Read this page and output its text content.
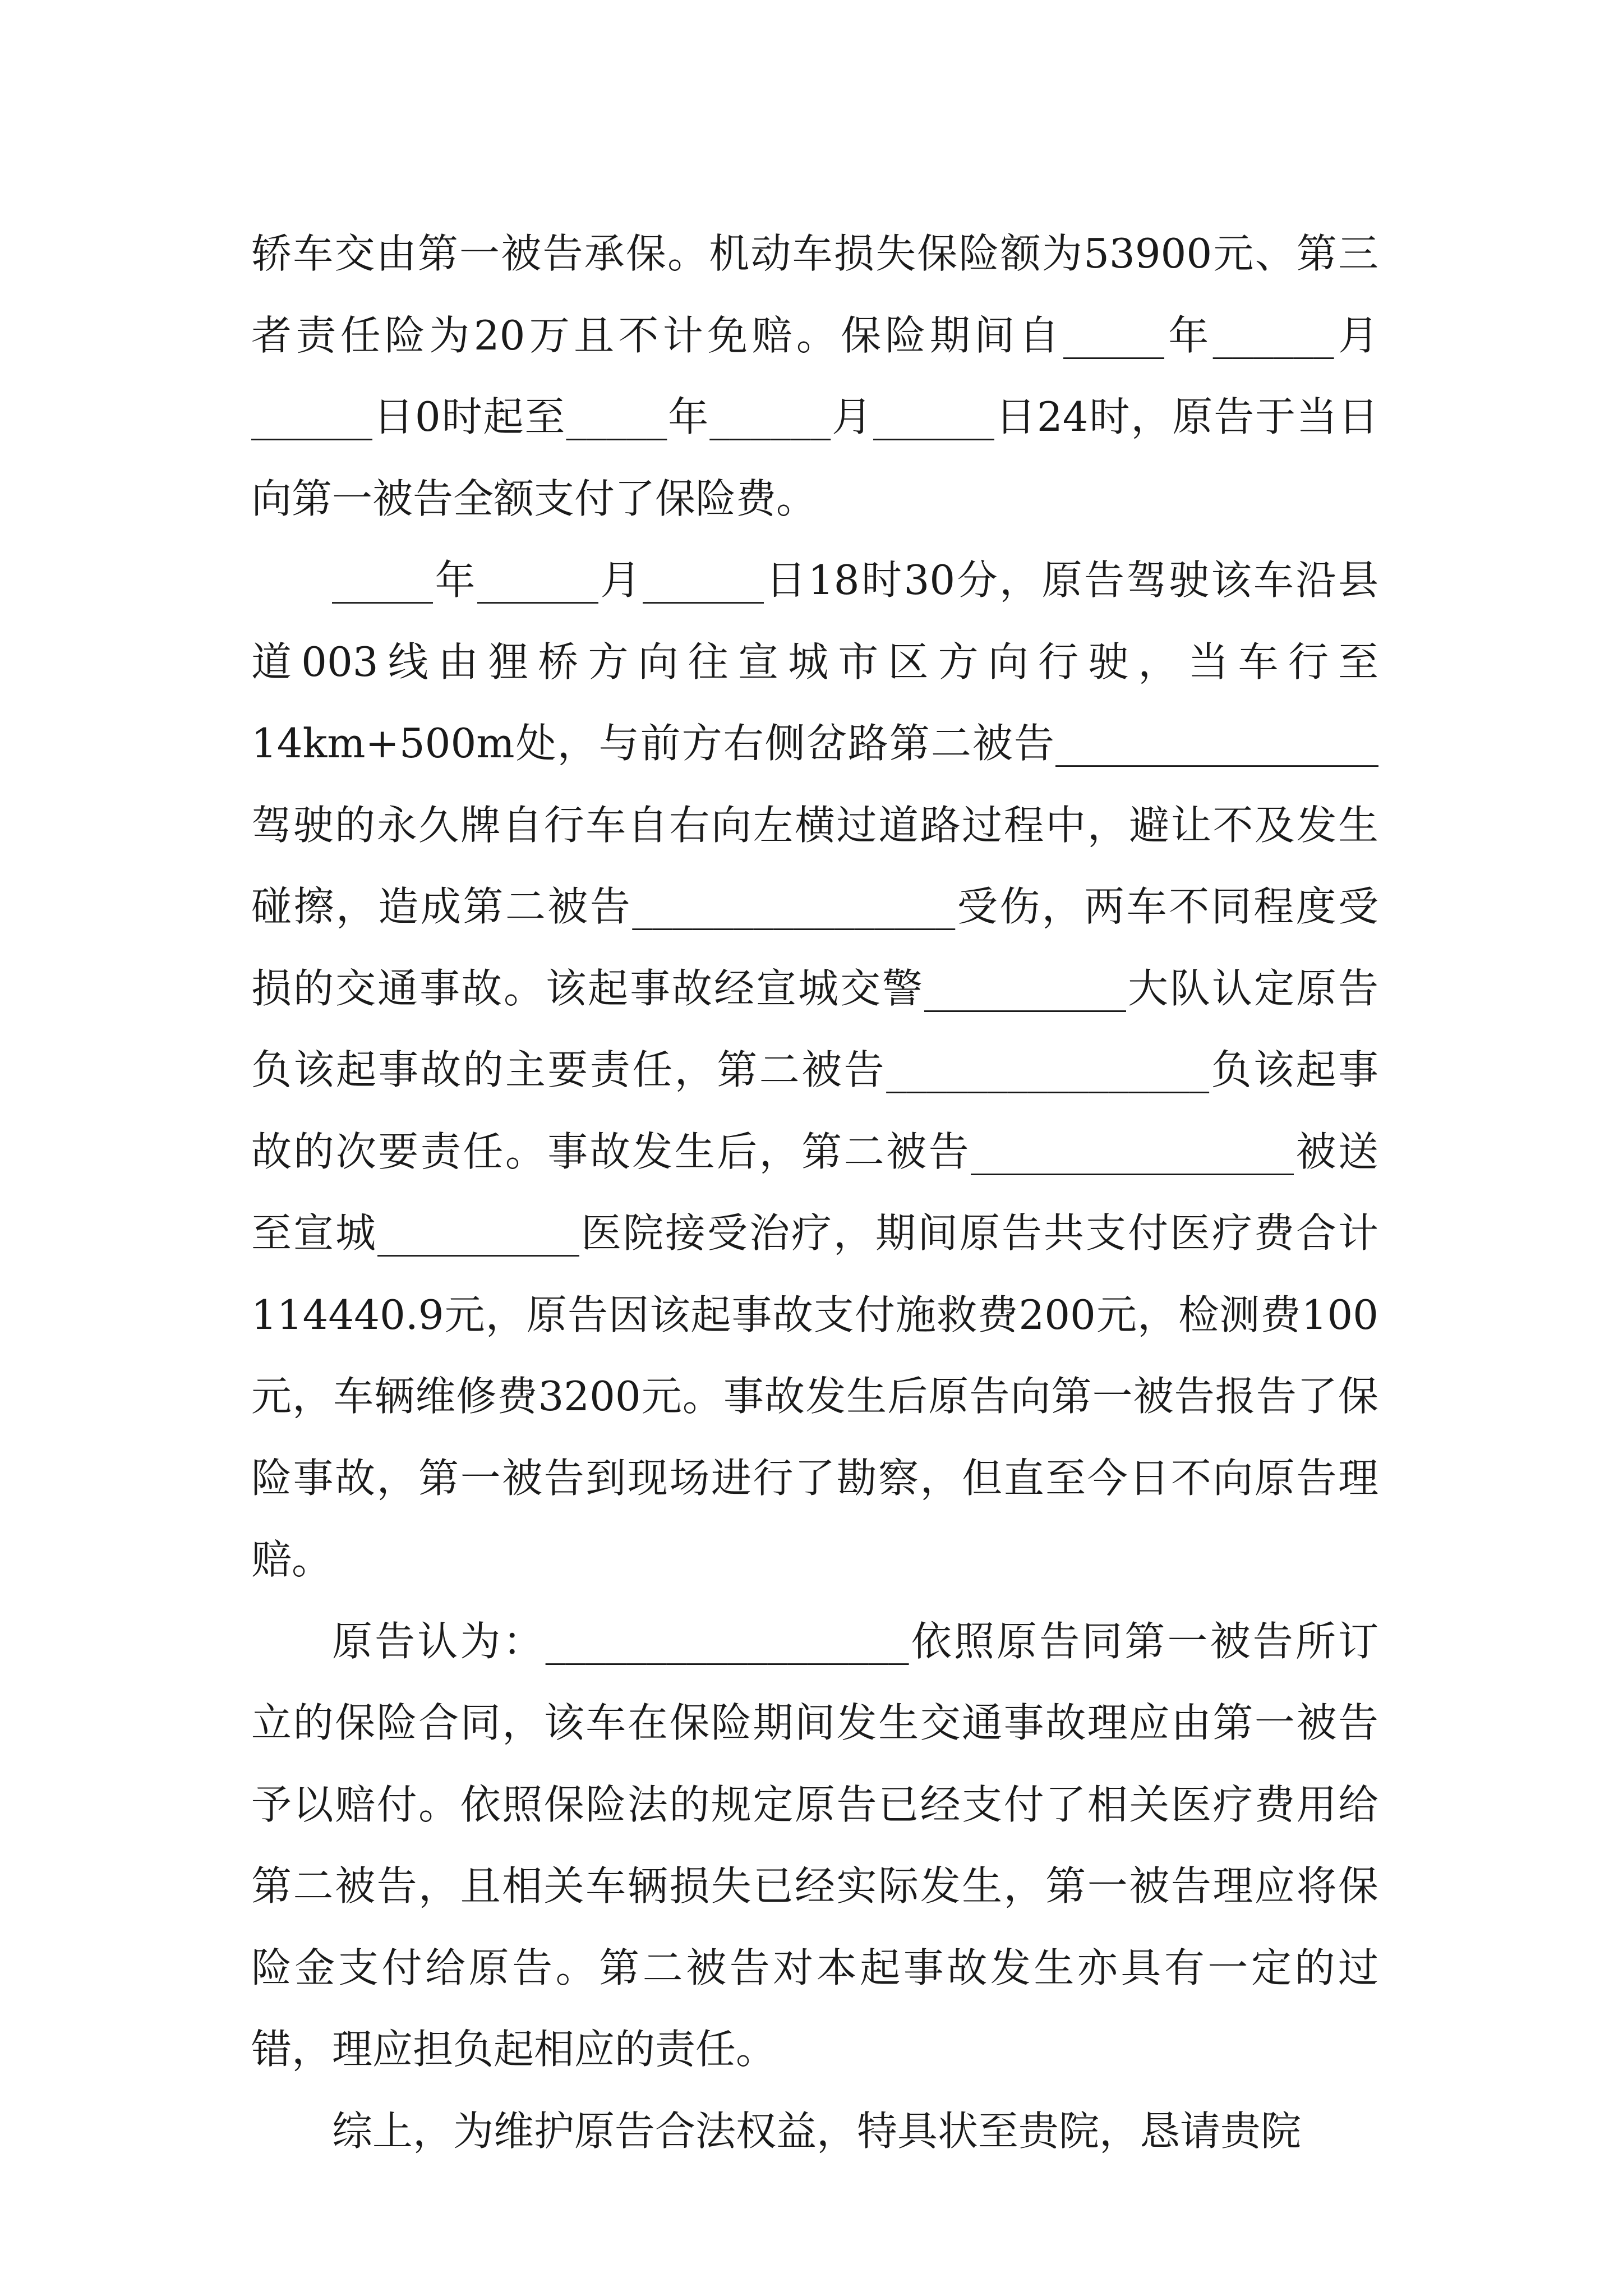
轿车交由第一被告承保。机动车损失保险额为53900元、第三者责任险为20万且不计免赔。保险期间自_____年______月______日0时起至_____年______月______日24时，原告于当日向第一被告全额支付了保险费。

_____年______月______日18时30分，原告驾驶该车沿县道003线由狸桥方向往宣城市区方向行驶，当车行至14km+500m处，与前方右侧岔路第二被告________________驾驶的永久牌自行车自右向左横过道路过程中，避让不及发生碰擦，造成第二被告________________受伤，两车不同程度受损的交通事故。该起事故经宣城交警__________大队认定原告负该起事故的主要责任，第二被告________________负该起事故的次要责任。事故发生后，第二被告________________被送至宣城__________医院接受治疗，期间原告共支付医疗费合计114440.9元，原告因该起事故支付施救费200元，检测费100元，车辆维修费3200元。事故发生后原告向第一被告报告了保险事故，第一被告到现场进行了勘察，但直至今日不向原告理赔。

原告认为：__________________依照原告同第一被告所订立的保险合同，该车在保险期间发生交通事故理应由第一被告予以赔付。依照保险法的规定原告已经支付了相关医疗费用给第二被告，且相关车辆损失已经实际发生，第一被告理应将保险金支付给原告。第二被告对本起事故发生亦具有一定的过错，理应担负起相应的责任。

综上，为维护原告合法权益，特具状至贵院，恳请贵院
